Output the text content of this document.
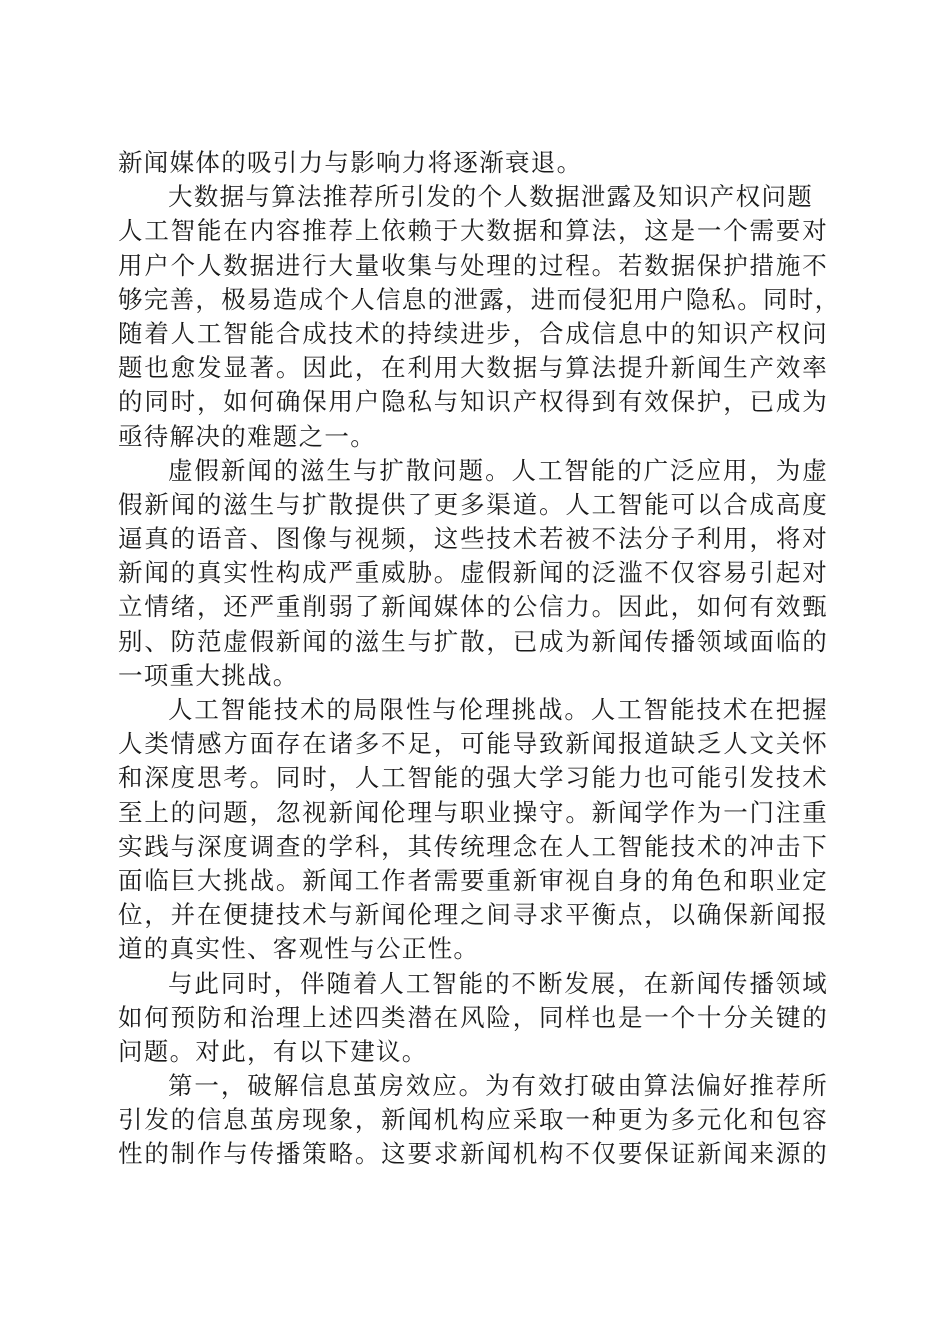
新闻媒体的吸引力与影响力将逐渐衰退。
大数据与算法推荐所引发的个人数据泄露及知识产权问题
人工智能在内容推荐上依赖于大数据和算法，这是一个需要对
用户个人数据进行大量收集与处理的过程。若数据保护措施不
够完善，极易造成个人信息的泄露，进而侵犯用户隐私。同时，
随着人工智能合成技术的持续进步，合成信息中的知识产权问
题也愈发显著。因此，在利用大数据与算法提升新闻生产效率
的同时，如何确保用户隐私与知识产权得到有效保护，已成为
亟待解决的难题之一。
虚假新闻的滋生与扩散问题。人工智能的广泛应用，为虚
假新闻的滋生与扩散提供了更多渠道。人工智能可以合成高度
逼真的语音、图像与视频，这些技术若被不法分子利用，将对
新闻的真实性构成严重威胁。虚假新闻的泛滥不仅容易引起对
立情绪，还严重削弱了新闻媒体的公信力。因此，如何有效甄
别、防范虚假新闻的滋生与扩散，已成为新闻传播领域面临的
一项重大挑战。
人工智能技术的局限性与伦理挑战。人工智能技术在把握
人类情感方面存在诸多不足，可能导致新闻报道缺乏人文关怀
和深度思考。同时，人工智能的强大学习能力也可能引发技术
至上的问题，忽视新闻伦理与职业操守。新闻学作为一门注重
实践与深度调查的学科，其传统理念在人工智能技术的冲击下
面临巨大挑战。新闻工作者需要重新审视自身的角色和职业定
位，并在便捷技术与新闻伦理之间寻求平衡点，以确保新闻报
道的真实性、客观性与公正性。
与此同时，伴随着人工智能的不断发展，在新闻传播领域
如何预防和治理上述四类潜在风险，同样也是一个十分关键的
问题。对此，有以下建议。
第一，破解信息茧房效应。为有效打破由算法偏好推荐所
引发的信息茧房现象，新闻机构应采取一种更为多元化和包容
性的制作与传播策略。这要求新闻机构不仅要保证新闻来源的
